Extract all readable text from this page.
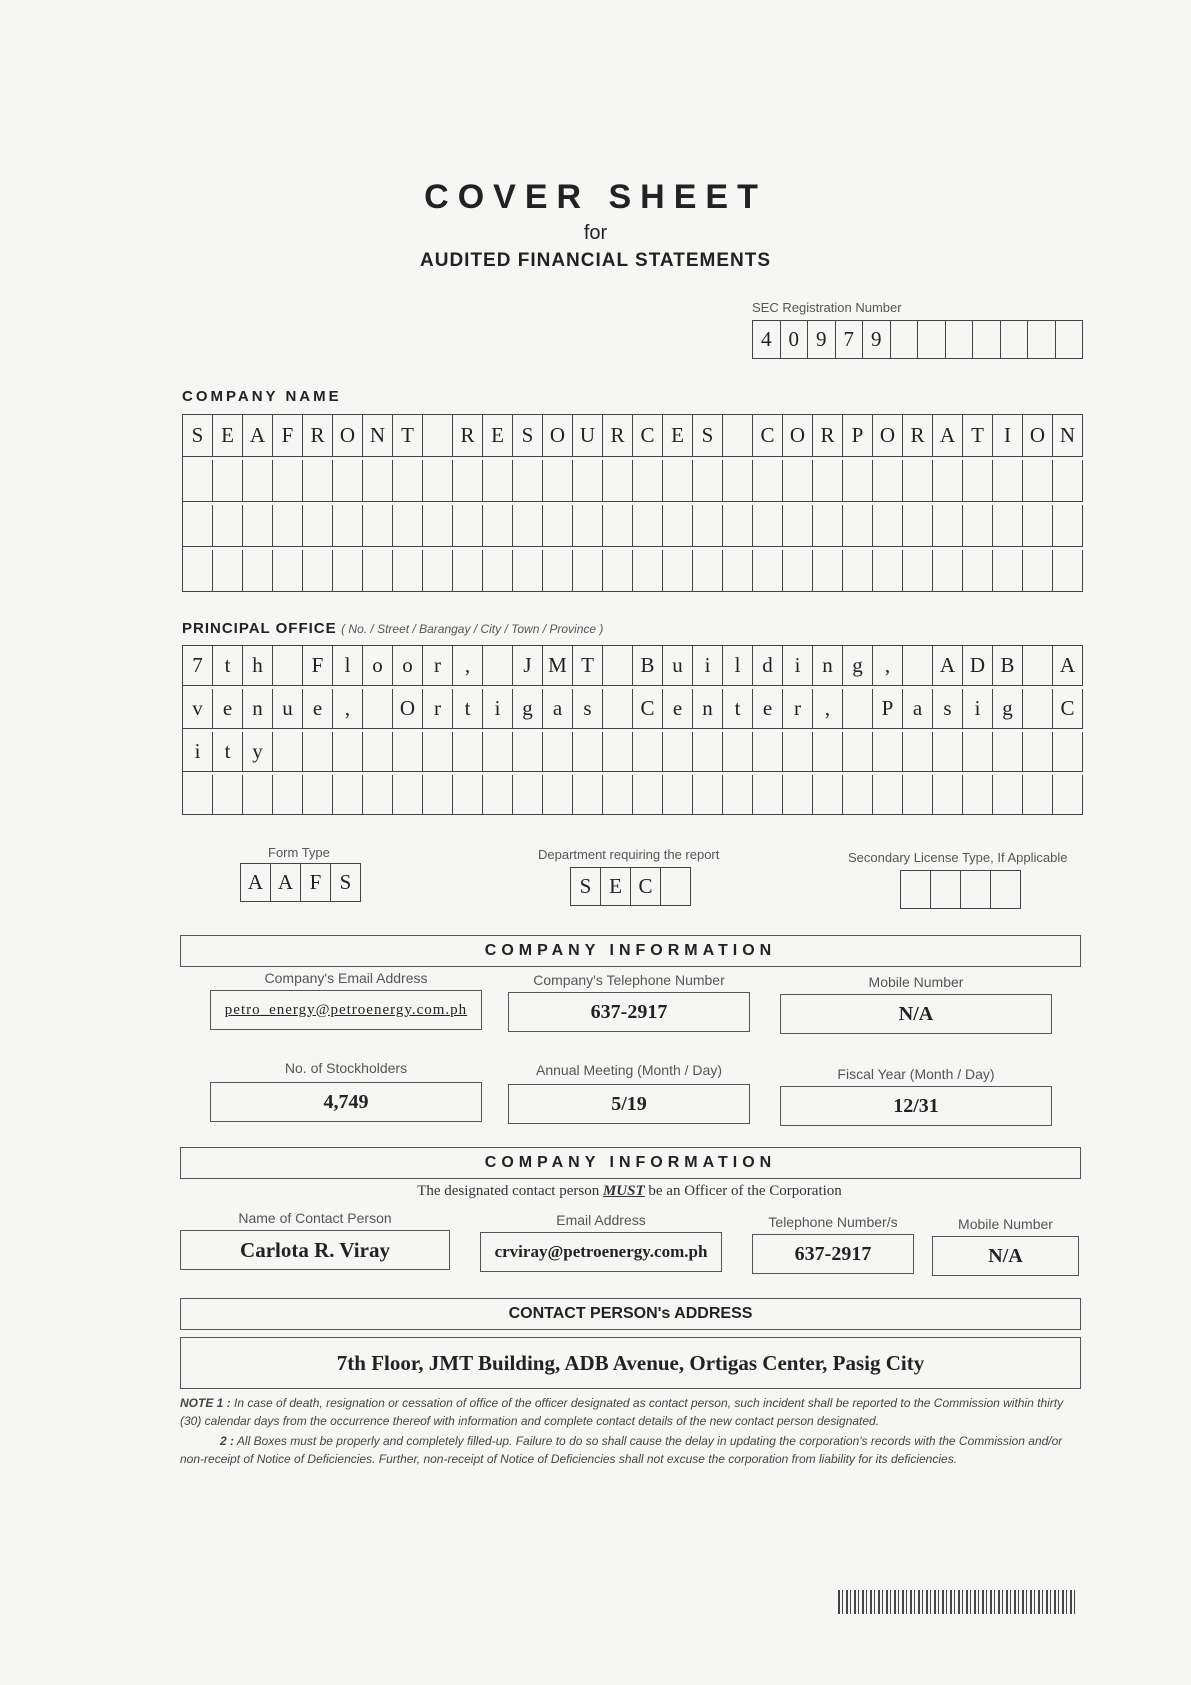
COVER SHEET
for
AUDITED FINANCIAL STATEMENTS
SEC Registration Number
4 0 9 7 9
COMPANY NAME
S E A F R O N T	R E S O U R C E S	C O R P O R A T I O N
PRINCIPAL OFFICE ( No. / Street / Barangay / City / Town / Province )
7	t	h	F	l	o o	r	,	J M T	B u	i	l	d	i	n g	,	A D B	A
v e n u e	,	O r	t	i	g a	s	C e n	t	e	r	,	P a	s	i	g	C
i	t	y
Form Type
A A F S
Department requiring the report
S E C
Secondary License Type, If Applicable
COMPANY INFORMATION
Company's Email Address
petro_energy@petroenergy.com.ph
Company's Telephone Number
637-2917
Mobile Number
N/A
No. of Stockholders
4,749
Annual Meeting (Month / Day)
5/19
Fiscal Year (Month / Day)
12/31
COMPANY INFORMATION
The designated contact person MUST be an Officer of the Corporation
Name of Contact Person
Carlota R. Viray
Email Address
crviray@petroenergy.com.ph
Telephone Number/s
637-2917
Mobile Number
N/A
CONTACT PERSON's ADDRESS
7th Floor, JMT Building, ADB Avenue, Ortigas Center, Pasig City
NOTE 1 : In case of death, resignation or cessation of office of the officer designated as contact person, such incident shall be reported to the Commission within thirty (30) calendar days from the occurrence thereof with information and complete contact details of the new contact person designated.
2 : All Boxes must be properly and completely filled-up. Failure to do so shall cause the delay in updating the corporation's records with the Commission and/or non-receipt of Notice of Deficiencies. Further, non-receipt of Notice of Deficiencies shall not excuse the corporation from liability for its deficiencies.
